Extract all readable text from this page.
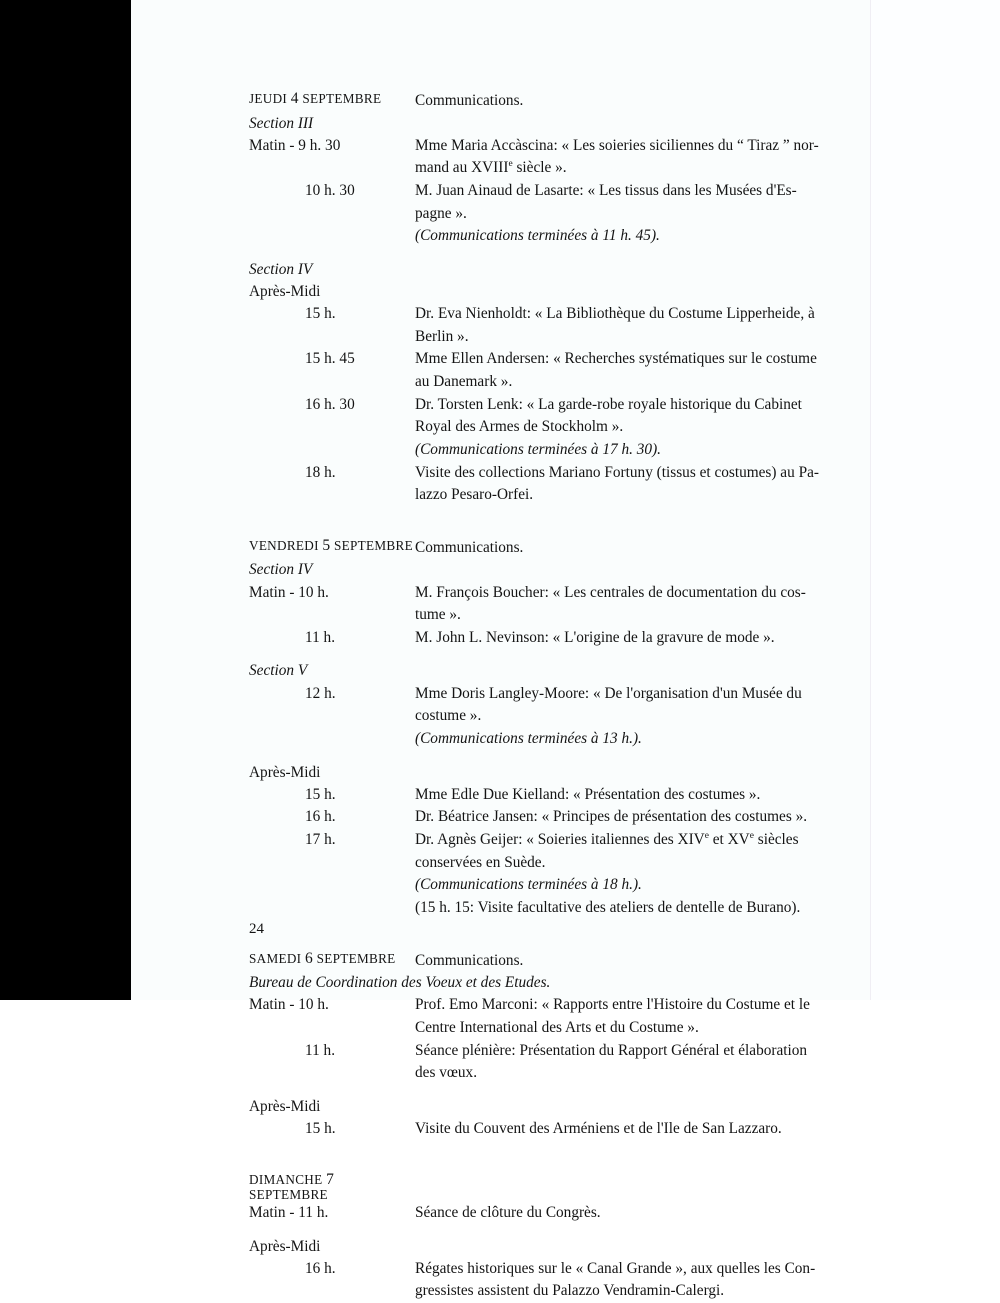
JEUDI 4 SEPTEMBRE	Communications.
Section III
Matin - 9 h. 30	Mme Maria Accàscina: « Les soieries siciliennes du “ Tiraz ” nor-
mand au XVIIIe siècle ».
10 h. 30	M. Juan Ainaud de Lasarte: « Les tissus dans les Musées d'Es-
pagne ».
(Communications terminées à 11 h. 45).
Section IV
Après-Midi
15 h.	Dr. Eva Nienholdt: « La Bibliothèque du Costume Lipperheide, à
Berlin ».
15 h. 45	Mme Ellen Andersen: « Recherches systématiques sur le costume
au Danemark ».
16 h. 30	Dr. Torsten Lenk: « La garde-robe royale historique du Cabinet
Royal des Armes de Stockholm ».
(Communications terminées à 17 h. 30).
18 h.	Visite des collections Mariano Fortuny (tissus et costumes) au Pa-
lazzo Pesaro-Orfei.
VENDREDI 5 SEPTEMBRE Communications.
Section IV
Matin - 10 h.	M. François Boucher: « Les centrales de documentation du cos-
tume ».
11 h.	M. John L. Nevinson: « L'origine de la gravure de mode ».
Section V
12 h.	Mme Doris Langley-Moore: « De l'organisation d'un Musée du
costume ».
(Communications terminées à 13 h.).
Après-Midi
15 h.	Mme Edle Due Kielland: « Présentation des costumes ».
16 h.	Dr. Béatrice Jansen: « Principes de présentation des costumes ».
17 h.	Dr. Agnès Geijer: « Soieries italiennes des XIVe et XVe siècles
conservées en Suède.
(Communications terminées à 18 h.).
(15 h. 15: Visite facultative des ateliers de dentelle de Burano).
SAMEDI 6 SEPTEMBRE	Communications.
Bureau de Coordination des Voeux et des Etudes.
Matin - 10 h.	Prof. Emo Marconi: « Rapports entre l'Histoire du Costume et le
Centre International des Arts et du Costume ».
11 h.	Séance plénière: Présentation du Rapport Général et élaboration
des vœux.
Après-Midi
15 h.	Visite du Couvent des Arméniens et de l'Ile de San Lazzaro.
DIMANCHE 7 SEPTEMBRE
Matin - 11 h.	Séance de clôture du Congrès.
Après-Midi
16 h.	Régates historiques sur le « Canal Grande », aux quelles les Con-
gressistes assistent du Palazzo Vendramin-Calergi.
24
